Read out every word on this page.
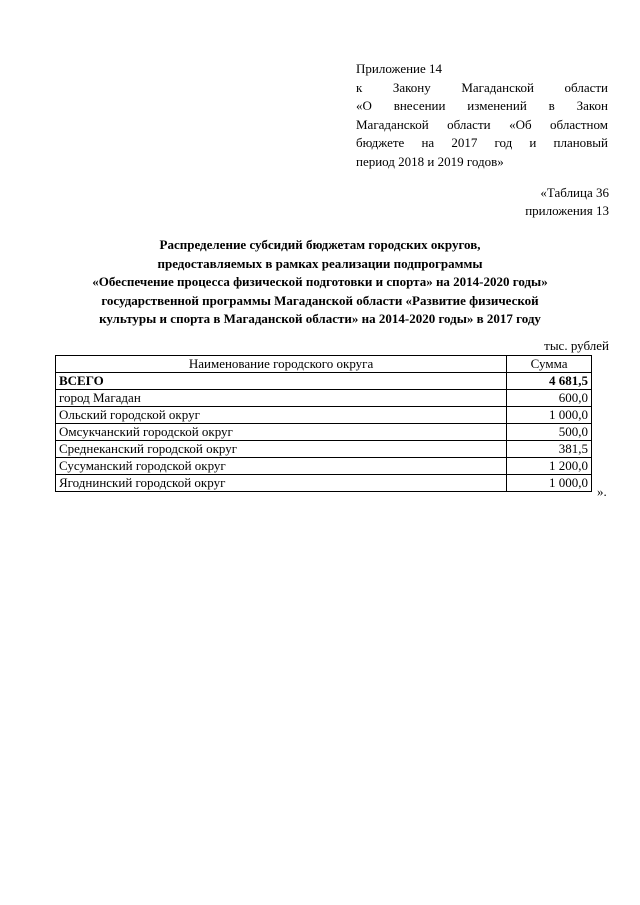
Приложение 14
к Закону Магаданской области
«О внесении изменений в Закон
Магаданской области «Об областном
бюджете на 2017 год и плановый
период 2018 и 2019 годов»
«Таблица 36
приложения 13
Распределение субсидий бюджетам городских округов,
предоставляемых в рамках реализации подпрограммы
«Обеспечение процесса физической подготовки и спорта» на 2014-2020 годы»
государственной программы Магаданской области «Развитие физической
культуры и спорта в Магаданской области» на 2014-2020 годы» в 2017 году
тыс. рублей
Наименование городского округа	Сумма
ВСЕГО	4 681,5
город Магадан	600,0
Ольский городской округ	1 000,0
Омсукчанский городской округ	500,0
Среднеканский городской округ	381,5
Сусуманский городской округ	1 200,0
Ягоднинский городской округ	1 000,0
».
